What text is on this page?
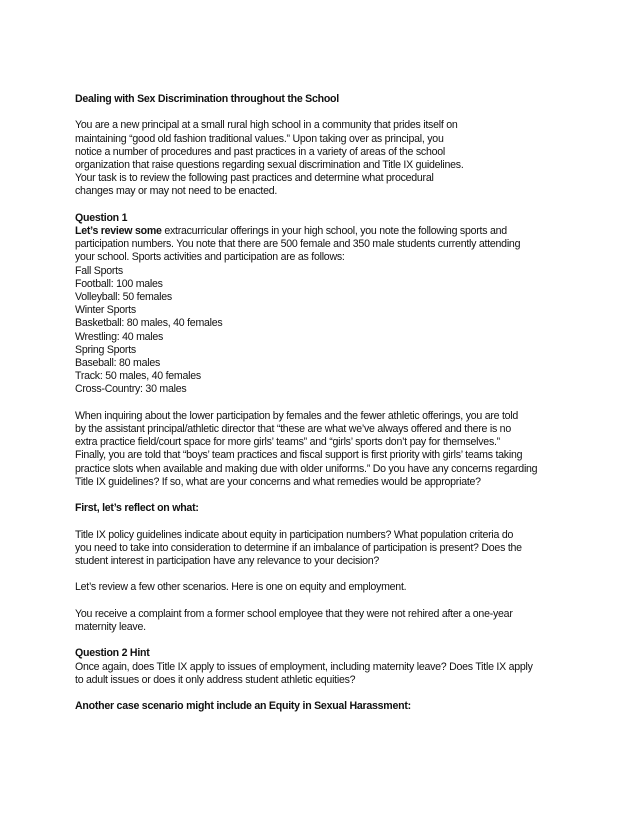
Dealing with Sex Discrimination throughout the School

You are a new principal at a small rural high school in a community that prides itself on
maintaining “good old fashion traditional values.” Upon taking over as principal, you
notice a number of procedures and past practices in a variety of areas of the school
organization that raise questions regarding sexual discrimination and Title IX guidelines.
Your task is to review the following past practices and determine what procedural
changes may or may not need to be enacted.

Question 1
Let’s review some extracurricular offerings in your high school, you note the following sports and
participation numbers. You note that there are 500 female and 350 male students currently attending
your school. Sports activities and participation are as follows:
Fall Sports
Football: 100 males
Volleyball: 50 females
Winter Sports
Basketball: 80 males, 40 females
Wrestling: 40 males
Spring Sports
Baseball: 80 males
Track: 50 males, 40 females
Cross-Country: 30 males

When inquiring about the lower participation by females and the fewer athletic offerings, you are told
by the assistant principal/athletic director that “these are what we’ve always offered and there is no
extra practice field/court space for more girls’ teams” and “girls’ sports don’t pay for themselves.”
Finally, you are told that “boys’ team practices and fiscal support is first priority with girls’ teams taking
practice slots when available and making due with older uniforms.” Do you have any concerns regarding
Title IX guidelines? If so, what are your concerns and what remedies would be appropriate?

First, let’s reflect on what:

Title IX policy guidelines indicate about equity in participation numbers? What population criteria do
you need to take into consideration to determine if an imbalance of participation is present? Does the
student interest in participation have any relevance to your decision?

Let’s review a few other scenarios. Here is one on equity and employment.

You receive a complaint from a former school employee that they were not rehired after a one-year
maternity leave.

Question 2 Hint
Once again, does Title IX apply to issues of employment, including maternity leave? Does Title IX apply
to adult issues or does it only address student athletic equities?

Another case scenario might include an Equity in Sexual Harassment:
